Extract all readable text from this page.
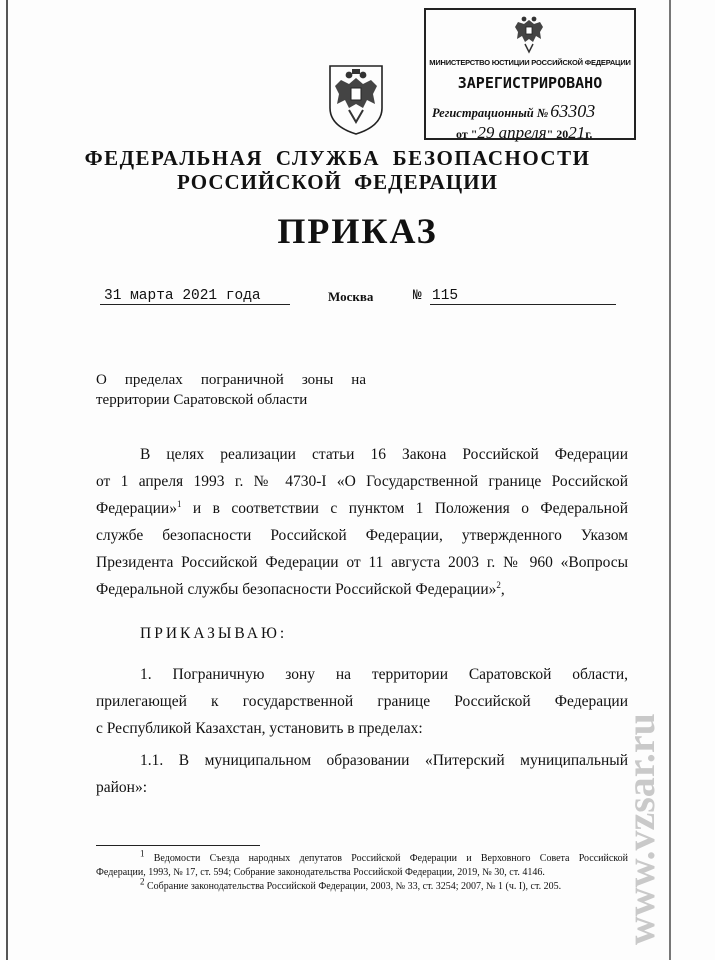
МИНИСТЕРСТВО ЮСТИЦИИ РОССИЙСКОЙ ФЕДЕРАЦИИ
ЗАРЕГИСТРИРОВАНО
Регистрационный № 63303
от "29 апреля" 2021г.
ФЕДЕРАЛЬНАЯ СЛУЖБА БЕЗОПАСНОСТИ
РОССИЙСКОЙ ФЕДЕРАЦИИ
ПРИКАЗ
31 марта 2021 года	Москва	№ 115
О пределах пограничной зоны на
территории Саратовской области
В целях реализации статьи 16 Закона Российской Федерации
от 1 апреля 1993 г. № 4730-I «О Государственной границе Российской
Федерации»$^1$ и в соответствии с пунктом 1 Положения о Федеральной
службе безопасности Российской Федерации, утвержденного Указом
Президента Российской Федерации от 11 августа 2003 г. № 960 «Вопросы
Федеральной службы безопасности Российской Федерации»$^2$,
ПРИКАЗЫВАЮ:
1. Пограничную зону на территории Саратовской области,
прилегающей к государственной границе Российской Федерации
с Республикой Казахстан, установить в пределах:
1.1. В муниципальном образовании «Питерский муниципальный
район»:
$^1$ Ведомости Съезда народных депутатов Российской Федерации и Верховного Совета Российской
Федерации, 1993, № 17, ст. 594; Собрание законодательства Российской Федерации, 2019, № 30, ст. 4146.
$^2$ Собрание законодательства Российской Федерации, 2003, № 33, ст. 3254; 2007, № 1 (ч. I), ст. 205.	www.vzsar.ru
